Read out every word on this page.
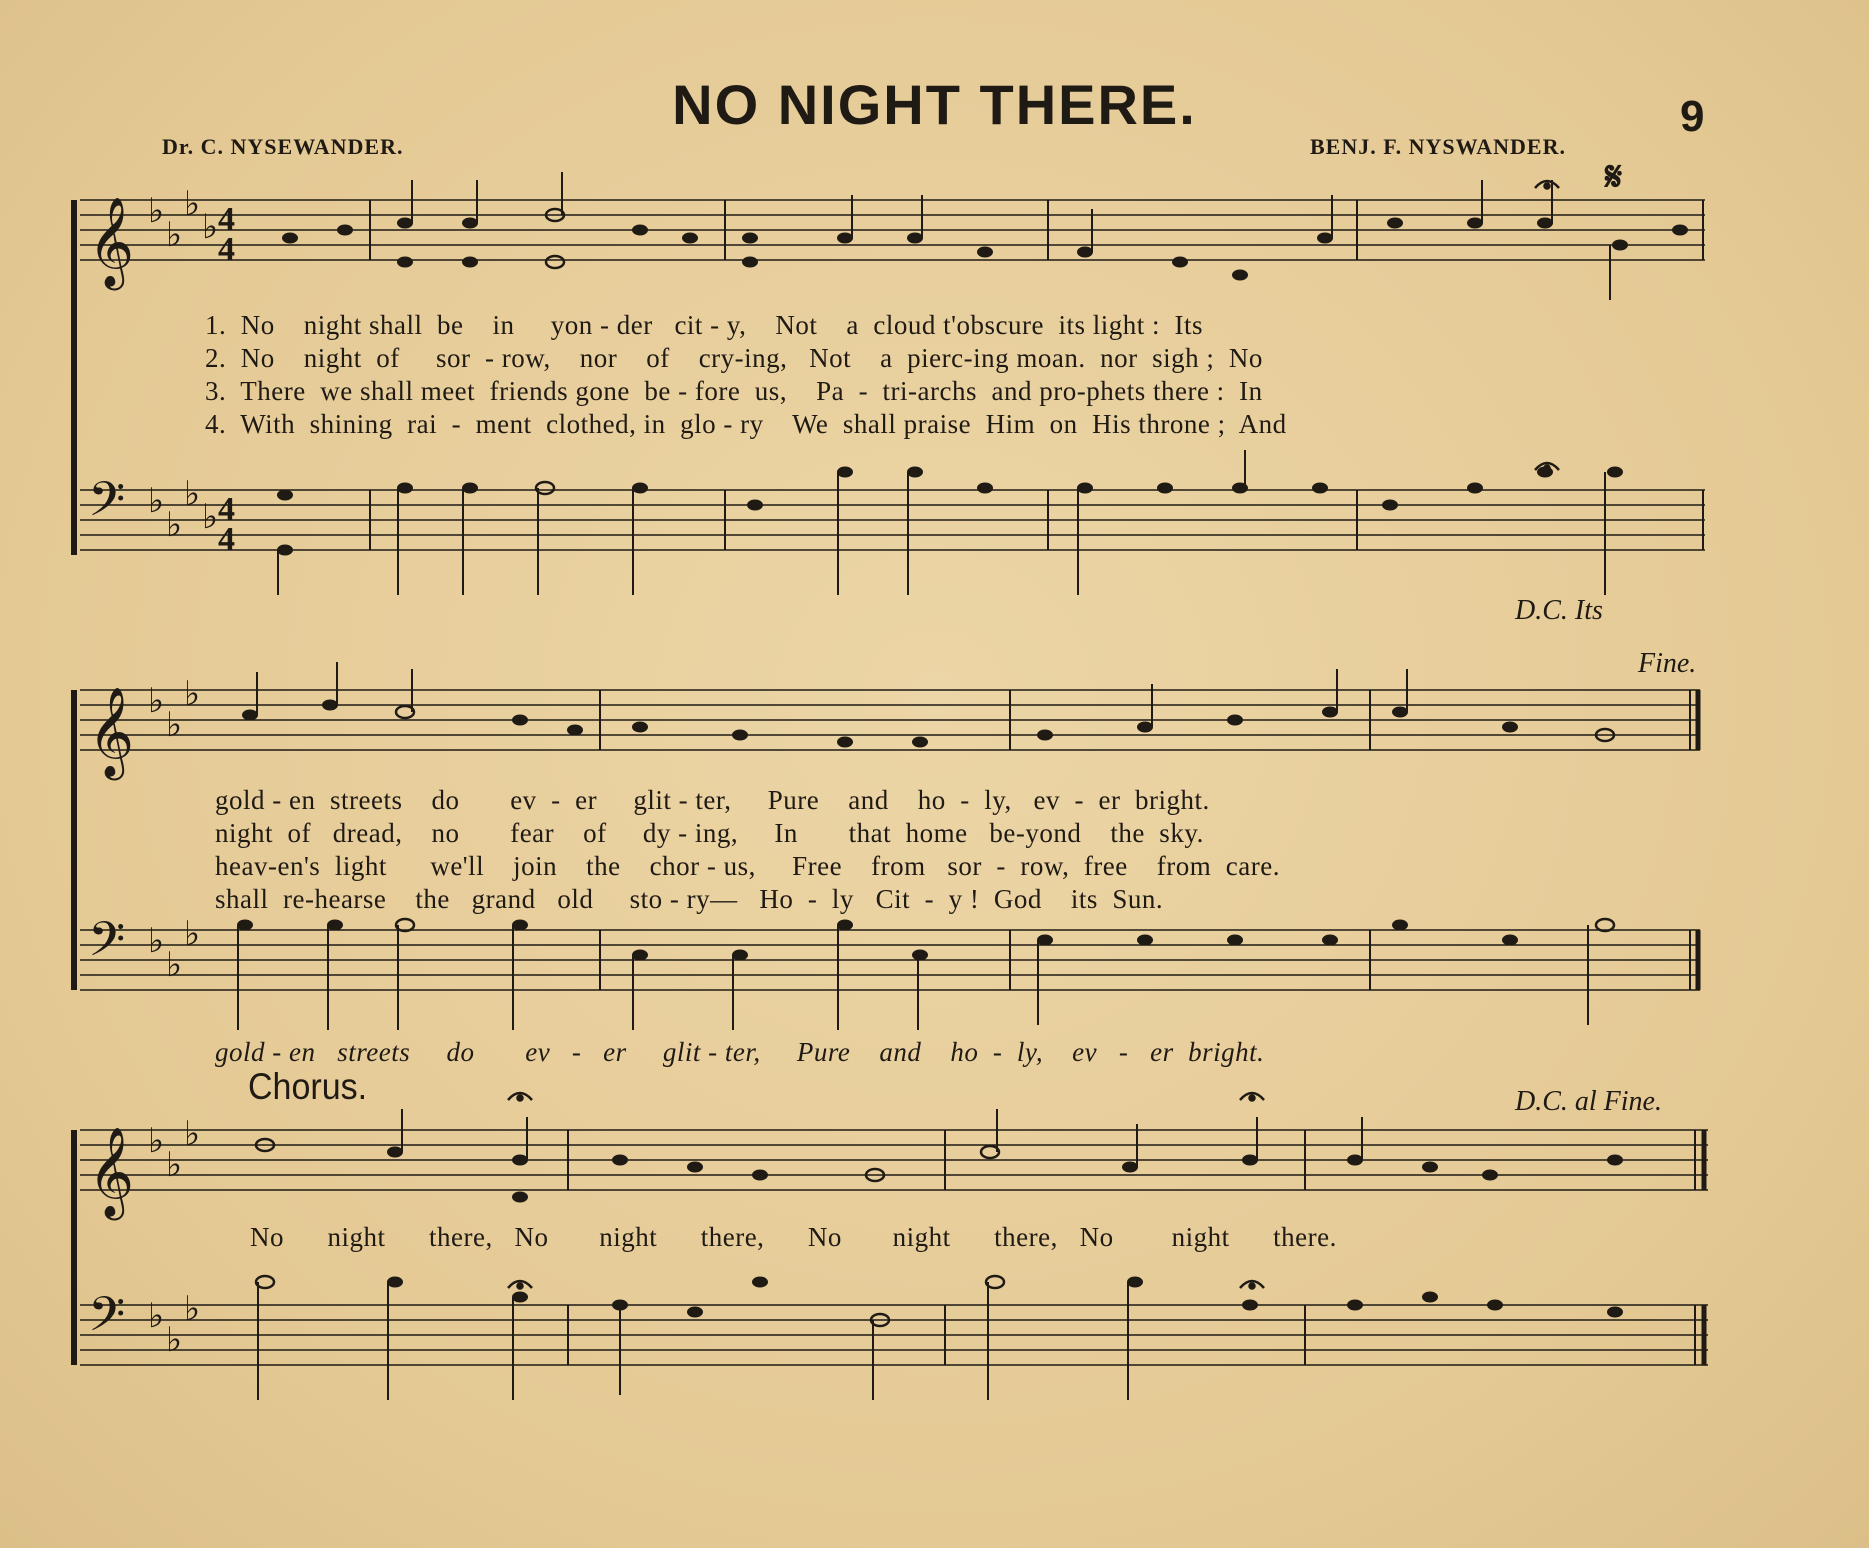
NO NIGHT THERE.	9
Dr. C. NYSEWANDER.	BENJ. F. NYSWANDER.
𝄞
𝄢
𝄞
𝄢
𝄞
𝄢
♭
♭
♭
♭
♭
♭
♭
♭
♭
♭
♭
♭
♭
♭
♭
♭
♭
♭
♭
♭
4
4
4
4
𝄋
1.  No    night shall  be    in     yon - der   cit - y,    Not    a  cloud t'obscure  its light :  Its
2.  No    night  of     sor  - row,    nor    of    cry-ing,   Not    a  pierc-ing moan.  nor  sigh ;  No
3.  There  we shall meet  friends gone  be - fore  us,    Pa  -  tri-archs  and pro-phets there :  In
4.  With  shining  rai  -  ment  clothed, in  glo - ry    We  shall praise  Him  on  His throne ;  And
D.C. Its
Fine.
gold - en  streets    do       ev  -  er     glit - ter,     Pure    and    ho  -  ly,   ev  -  er  bright.
night  of   dread,    no       fear    of     dy - ing,     In       that  home   be-yond    the  sky.
heav-en's  light      we'll    join    the    chor - us,     Free    from   sor  -  row,  free    from  care.
shall  re-hearse    the   grand   old     sto - ry—   Ho  -  ly   Cit  -  y !  God    its  Sun.
gold - en   streets     do       ev   -   er     glit - ter,     Pure    and    ho  -  ly,    ev   -   er  bright.
Chorus.	D.C. al Fine.
No      night      there,   No       night      there,      No       night      there,   No        night      there.
